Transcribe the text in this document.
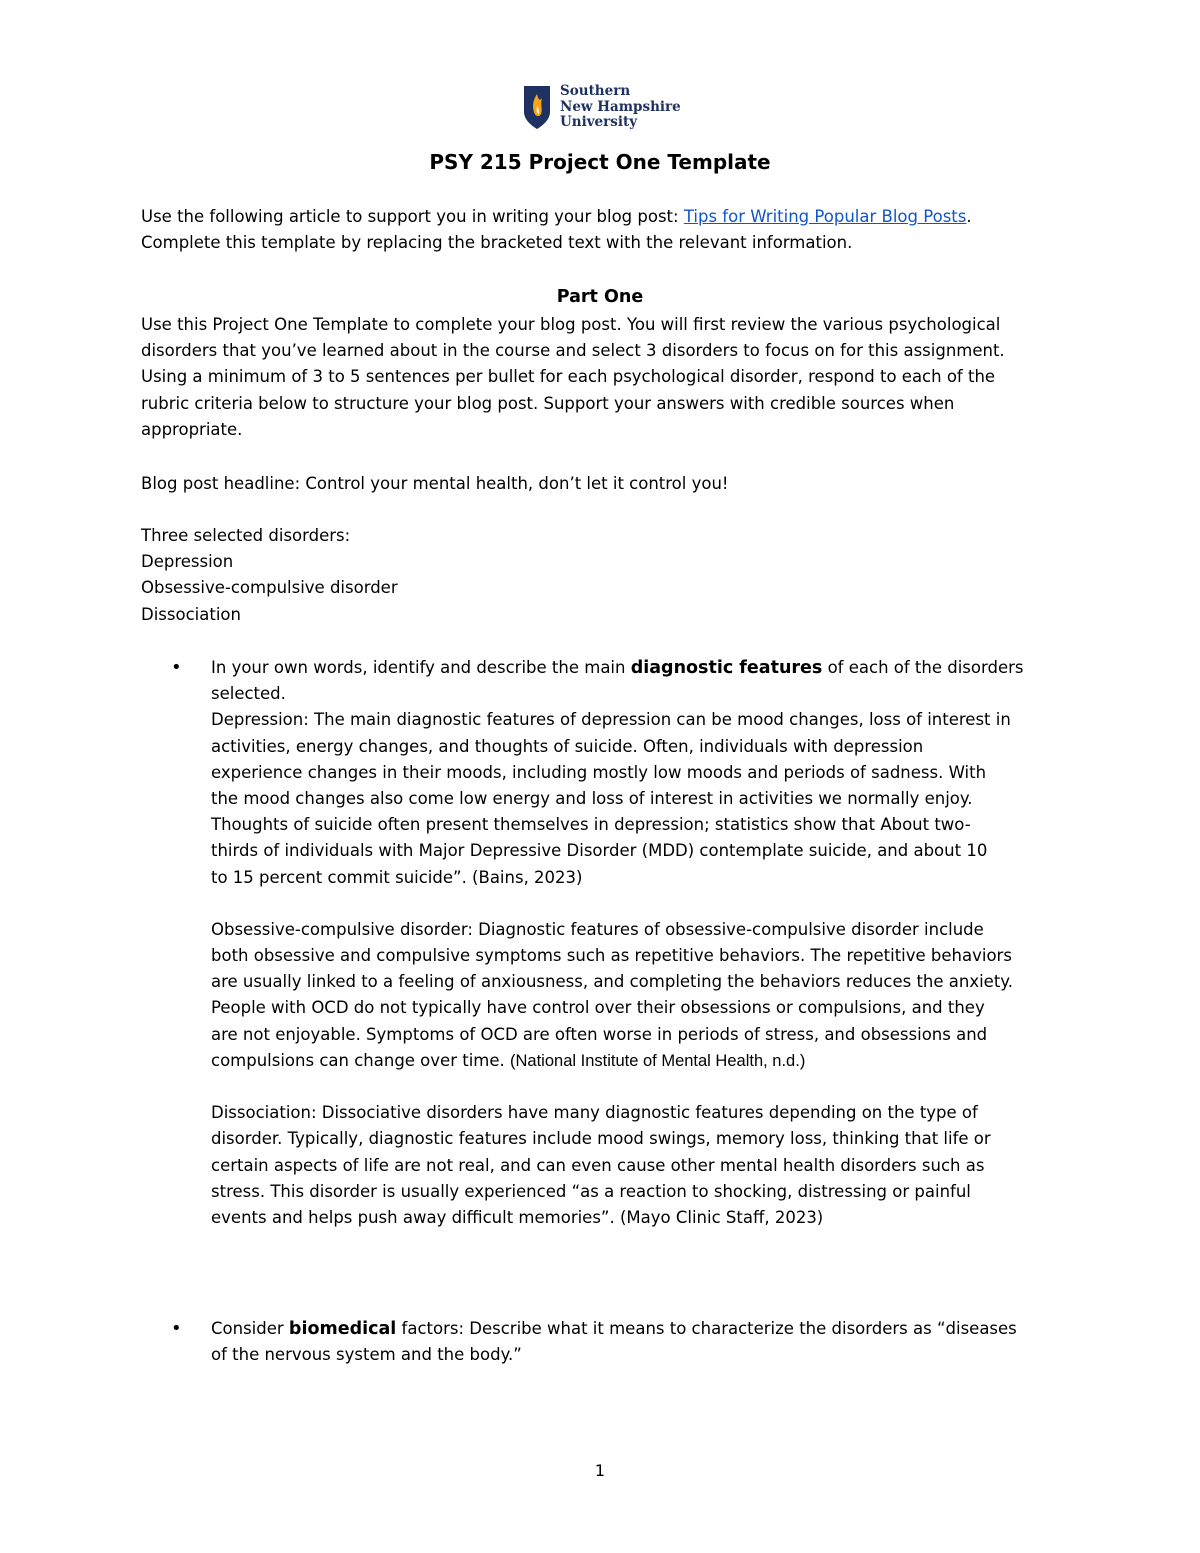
Southern
New Hampshire
University
PSY 215 Project One Template
Use the following article to support you in writing your blog post: Tips for Writing Popular Blog Posts.
Complete this template by replacing the bracketed text with the relevant information.
Part One
Use this Project One Template to complete your blog post. You will first review the various psychological
disorders that you’ve learned about in the course and select 3 disorders to focus on for this assignment.
Using a minimum of 3 to 5 sentences per bullet for each psychological disorder, respond to each of the
rubric criteria below to structure your blog post. Support your answers with credible sources when
appropriate.
Blog post headline: Control your mental health, don’t let it control you!
Three selected disorders:
Depression
Obsessive-compulsive disorder
Dissociation
• In your own words, identify and describe the main diagnostic features of each of the disorders
selected.
Depression: The main diagnostic features of depression can be mood changes, loss of interest in
activities, energy changes, and thoughts of suicide. Often, individuals with depression
experience changes in their moods, including mostly low moods and periods of sadness. With
the mood changes also come low energy and loss of interest in activities we normally enjoy.
Thoughts of suicide often present themselves in depression; statistics show that About two-
thirds of individuals with Major Depressive Disorder (MDD) contemplate suicide, and about 10
to 15 percent commit suicide”. (Bains, 2023)
Obsessive-compulsive disorder: Diagnostic features of obsessive-compulsive disorder include
both obsessive and compulsive symptoms such as repetitive behaviors. The repetitive behaviors
are usually linked to a feeling of anxiousness, and completing the behaviors reduces the anxiety.
People with OCD do not typically have control over their obsessions or compulsions, and they
are not enjoyable. Symptoms of OCD are often worse in periods of stress, and obsessions and
compulsions can change over time. (National Institute of Mental Health, n.d.)
Dissociation: Dissociative disorders have many diagnostic features depending on the type of
disorder. Typically, diagnostic features include mood swings, memory loss, thinking that life or
certain aspects of life are not real, and can even cause other mental health disorders such as
stress. This disorder is usually experienced “as a reaction to shocking, distressing or painful
events and helps push away difficult memories”. (Mayo Clinic Staff, 2023)
• Consider biomedical factors: Describe what it means to characterize the disorders as “diseases
of the nervous system and the body.”
1
